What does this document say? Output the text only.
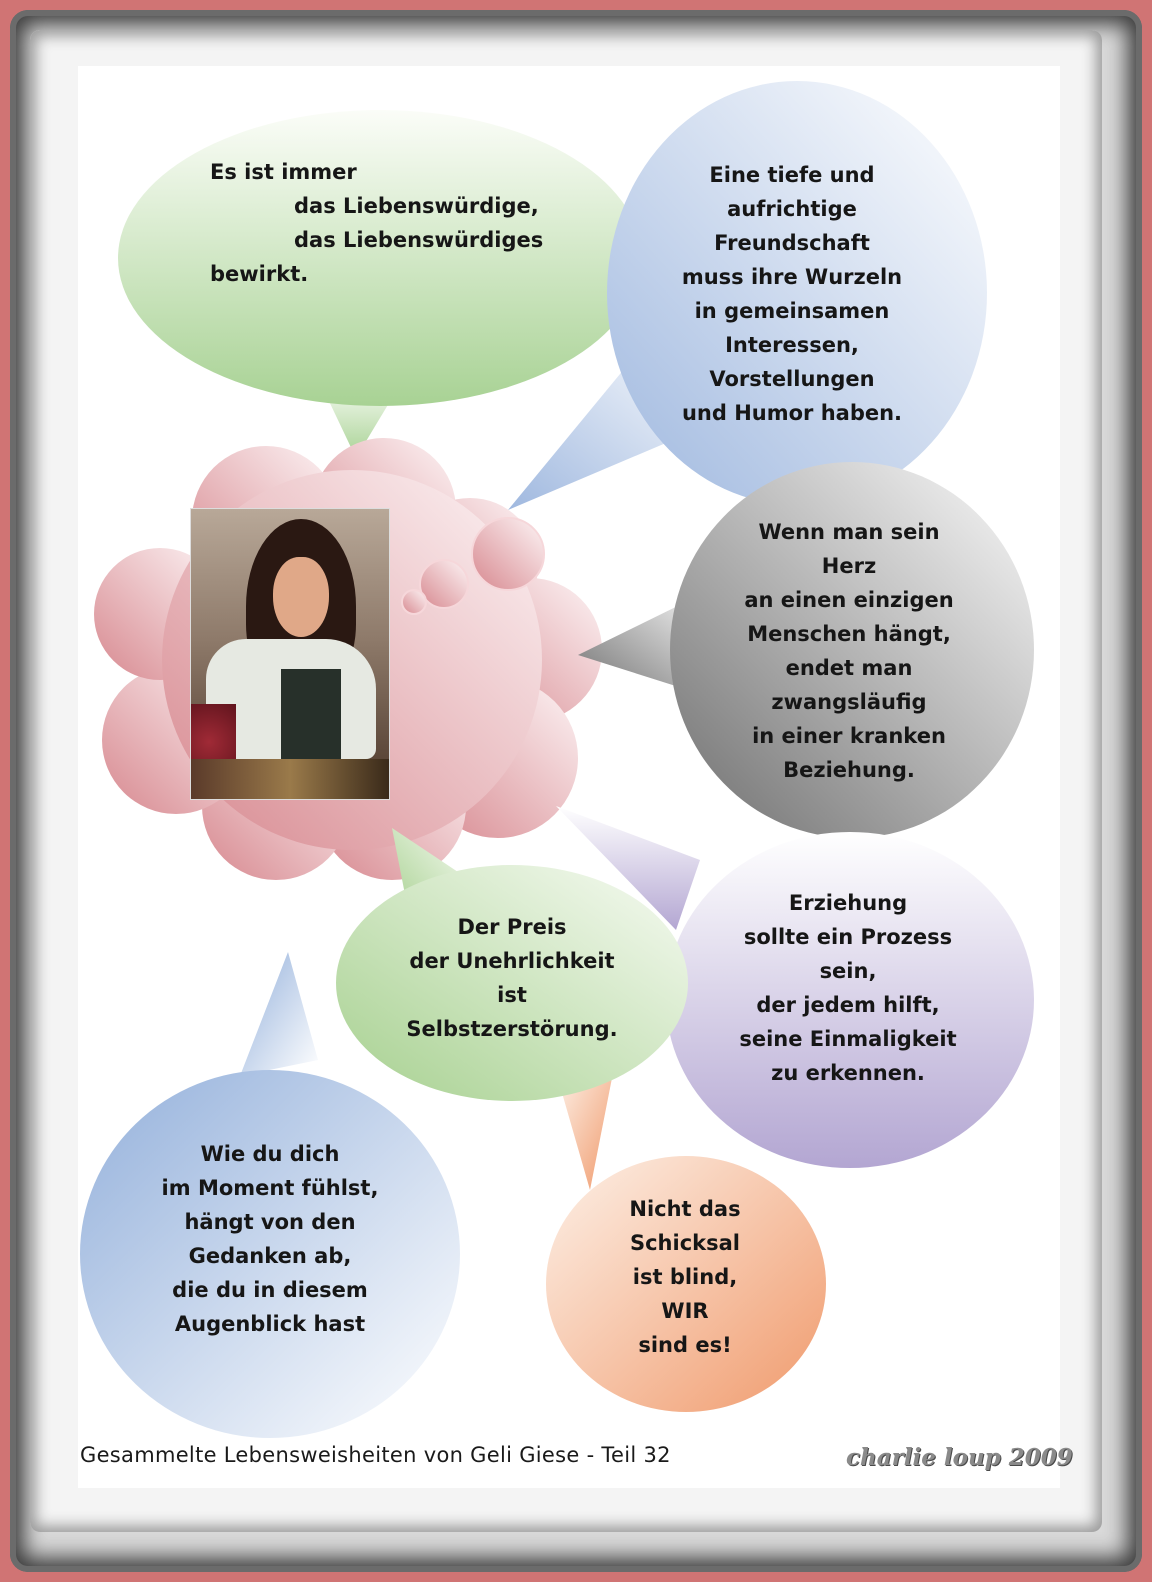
Es ist immer
das Liebenswürdige,
das Liebenswürdiges
bewirkt.
Eine tiefe und
aufrichtige
Freundschaft
muss ihre Wurzeln
in gemeinsamen
Interessen,
Vorstellungen
und Humor haben.
Wenn man sein
Herz
an einen einzigen
Menschen hängt,
endet man
zwangsläufig
in einer kranken
Beziehung.
Der Preis
der Unehrlichkeit
ist
Selbstzerstörung.
Erziehung
sollte ein Prozess
sein,
der jedem hilft,
seine Einmaligkeit
zu erkennen.
Wie du dich
im Moment fühlst,
hängt von den
Gedanken ab,
die du in diesem
Augenblick hast
Nicht das
Schicksal
ist blind,
WIR
sind es!
Gesammelte Lebensweisheiten von Geli Giese - Teil 32	charlie loup 2009
